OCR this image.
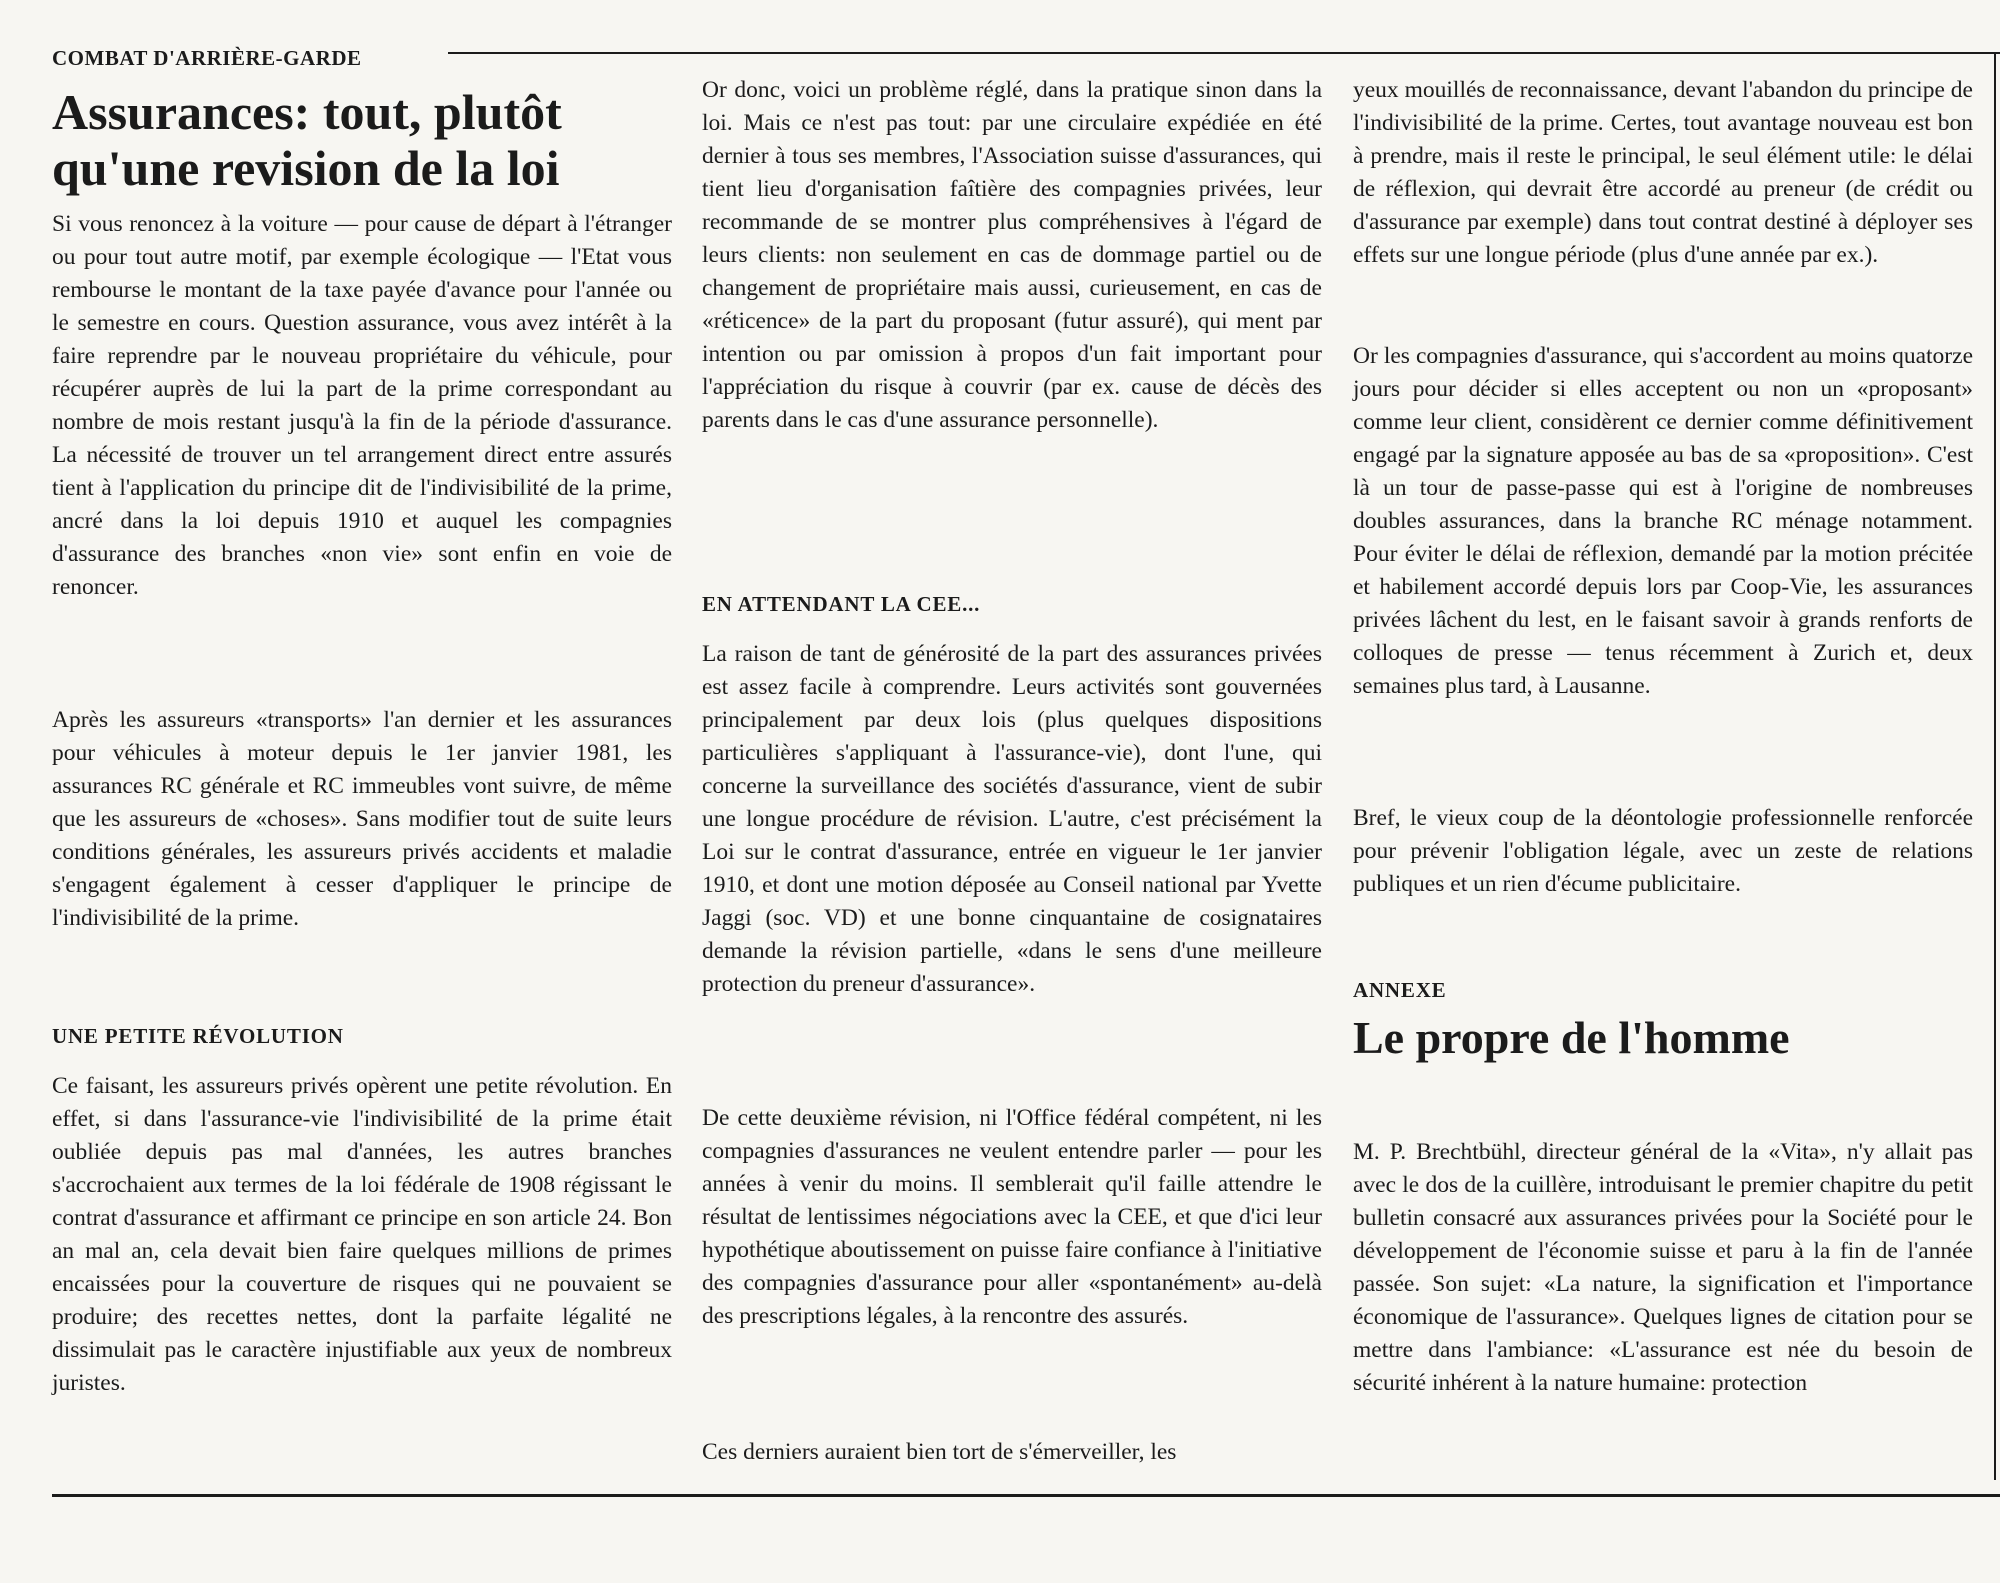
COMBAT D'ARRIÈRE-GARDE
Assurances: tout, plutôt qu'une revision de la loi

Si vous renoncez à la voiture — pour cause de départ à l'étranger ou pour tout autre motif, par exemple écologique — l'Etat vous rembourse le montant de la taxe payée d'avance pour l'année ou le semestre en cours. Question assurance, vous avez intérêt à la faire reprendre par le nouveau propriétaire du véhicule, pour récupérer auprès de lui la part de la prime correspondant au nombre de mois restant jusqu'à la fin de la période d'assurance. La nécessité de trouver un tel arrangement direct entre assurés tient à l'application du principe dit de l'indivisibilité de la prime, ancré dans la loi depuis 1910 et auquel les compagnies d'assurance des branches «non vie» sont enfin en voie de renoncer.

Après les assureurs «transports» l'an dernier et les assurances pour véhicules à moteur depuis le 1er janvier 1981, les assurances RC générale et RC immeubles vont suivre, de même que les assureurs de «choses». Sans modifier tout de suite leurs conditions générales, les assureurs privés accidents et maladie s'engagent également à cesser d'appliquer le principe de l'indivisibilité de la prime.

UNE PETITE RÉVOLUTION

Ce faisant, les assureurs privés opèrent une petite révolution. En effet, si dans l'assurance-vie l'indivisibilité de la prime était oubliée depuis pas mal d'années, les autres branches s'accrochaient aux termes de la loi fédérale de 1908 régissant le contrat d'assurance et affirmant ce principe en son article 24. Bon an mal an, cela devait bien faire quelques millions de primes encaissées pour la couverture de risques qui ne pouvaient se produire; des recettes nettes, dont la parfaite légalité ne dissimulait pas le caractère injustifiable aux yeux de nombreux juristes.

Or donc, voici un problème réglé, dans la pratique sinon dans la loi. Mais ce n'est pas tout: par une circulaire expédiée en été dernier à tous ses membres, l'Association suisse d'assurances, qui tient lieu d'organisation faîtière des compagnies privées, leur recommande de se montrer plus compréhensives à l'égard de leurs clients: non seulement en cas de dommage partiel ou de changement de propriétaire mais aussi, curieusement, en cas de «réticence» de la part du proposant (futur assuré), qui ment par intention ou par omission à propos d'un fait important pour l'appréciation du risque à couvrir (par ex. cause de décès des parents dans le cas d'une assurance personnelle).

EN ATTENDANT LA CEE...

La raison de tant de générosité de la part des assurances privées est assez facile à comprendre. Leurs activités sont gouvernées principalement par deux lois (plus quelques dispositions particulières s'appliquant à l'assurance-vie), dont l'une, qui concerne la surveillance des sociétés d'assurance, vient de subir une longue procédure de révision. L'autre, c'est précisément la Loi sur le contrat d'assurance, entrée en vigueur le 1er janvier 1910, et dont une motion déposée au Conseil national par Yvette Jaggi (soc. VD) et une bonne cinquantaine de cosignataires demande la révision partielle, «dans le sens d'une meilleure protection du preneur d'assurance».

De cette deuxième révision, ni l'Office fédéral compétent, ni les compagnies d'assurances ne veulent entendre parler — pour les années à venir du moins. Il semblerait qu'il faille attendre le résultat de lentissimes négociations avec la CEE, et que d'ici leur hypothétique aboutissement on puisse faire confiance à l'initiative des compagnies d'assurance pour aller «spontanément» au-delà des prescriptions légales, à la rencontre des assurés.

Ces derniers auraient bien tort de s'émerveiller, les

yeux mouillés de reconnaissance, devant l'abandon du principe de l'indivisibilité de la prime. Certes, tout avantage nouveau est bon à prendre, mais il reste le principal, le seul élément utile: le délai de réflexion, qui devrait être accordé au preneur (de crédit ou d'assurance par exemple) dans tout contrat destiné à déployer ses effets sur une longue période (plus d'une année par ex.).

Or les compagnies d'assurance, qui s'accordent au moins quatorze jours pour décider si elles acceptent ou non un «proposant» comme leur client, considèrent ce dernier comme définitivement engagé par la signature apposée au bas de sa «proposition». C'est là un tour de passe-passe qui est à l'origine de nombreuses doubles assurances, dans la branche RC ménage notamment. Pour éviter le délai de réflexion, demandé par la motion précitée et habilement accordé depuis lors par Coop-Vie, les assurances privées lâchent du lest, en le faisant savoir à grands renforts de colloques de presse — tenus récemment à Zurich et, deux semaines plus tard, à Lausanne.

Bref, le vieux coup de la déontologie professionnelle renforcée pour prévenir l'obligation légale, avec un zeste de relations publiques et un rien d'écume publicitaire.

ANNEXE
Le propre de l'homme

M. P. Brechtbühl, directeur général de la «Vita», n'y allait pas avec le dos de la cuillère, introduisant le premier chapitre du petit bulletin consacré aux assurances privées pour la Société pour le développement de l'économie suisse et paru à la fin de l'année passée. Son sujet: «La nature, la signification et l'importance économique de l'assurance». Quelques lignes de citation pour se mettre dans l'ambiance: «L'assurance est née du besoin de sécurité inhérent à la nature humaine: protection
